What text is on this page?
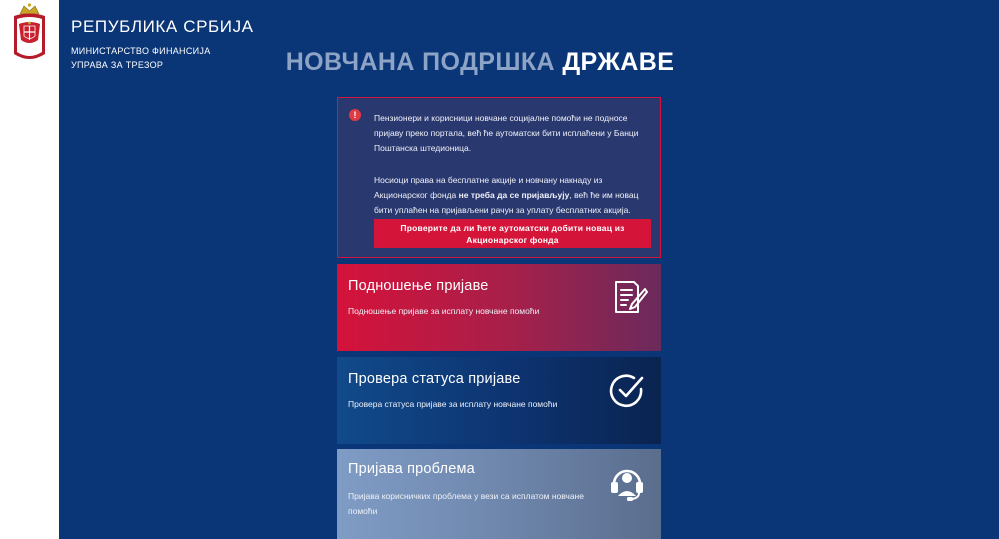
РЕПУБЛИКА СРБИЈА
МИНИСТАРСТВО ФИНАНСИЈА
УПРАВА ЗА ТРЕЗОР	НОВЧАНА ПОДРШКА ДРЖАВЕ
!	Пензионери и корисници новчане социјалне помоћи не подносе пријаву преко портала, већ ће аутоматски бити исплаћени у Банци Поштанска штедионица.

Носиоци права на бесплатне акције и новчану накнаду из Акционарског фонда не треба да се пријављују, већ ће им новац бити уплаћен на пријављени рачун за уплату бесплатних акција.

Проверите да ли ћете аутоматски добити новац из Акционарског фонда
Подношење пријаве
Подношење пријаве за исплату новчане помоћи
Провера статуса пријаве
Провера статуса пријаве за исплату новчане помоћи
Пријава проблема
Пријава корисничких проблема у вези са исплатом новчане помоћи
